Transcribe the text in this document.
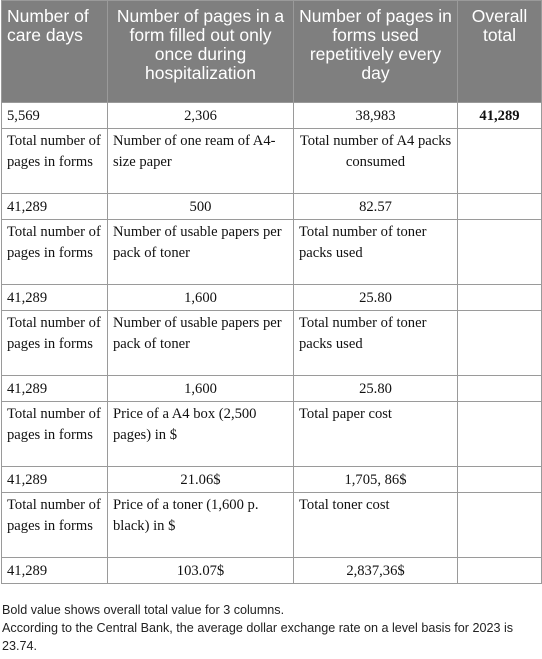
Number of care days	Number of pages in a form filled out only once during hospitalization	Number of pages in forms used repetitively every day	Overall total
5,569	2,306	38,983	41,289
Total number of pages in forms	Number of one ream of A4-size paper	Total number of A4 packs consumed	
41,289	500	82.57	
Total number of pages in forms	Number of usable papers per pack of toner	Total number of toner packs used	
41,289	1,600	25.80	
Total number of pages in forms	Number of usable papers per pack of toner	Total number of toner packs used	
41,289	1,600	25.80	
Total number of pages in forms	Price of a A4 box (2,500 pages) in $	Total paper cost	
41,289	21.06$	1,705, 86$	
Total number of pages in forms	Price of a toner (1,600 p. black) in $	Total toner cost	
41,289	103.07$	2,837,36$	

Bold value shows overall total value for 3 columns.

According to the Central Bank, the average dollar exchange rate on a level basis for 2023 is 23.74.
